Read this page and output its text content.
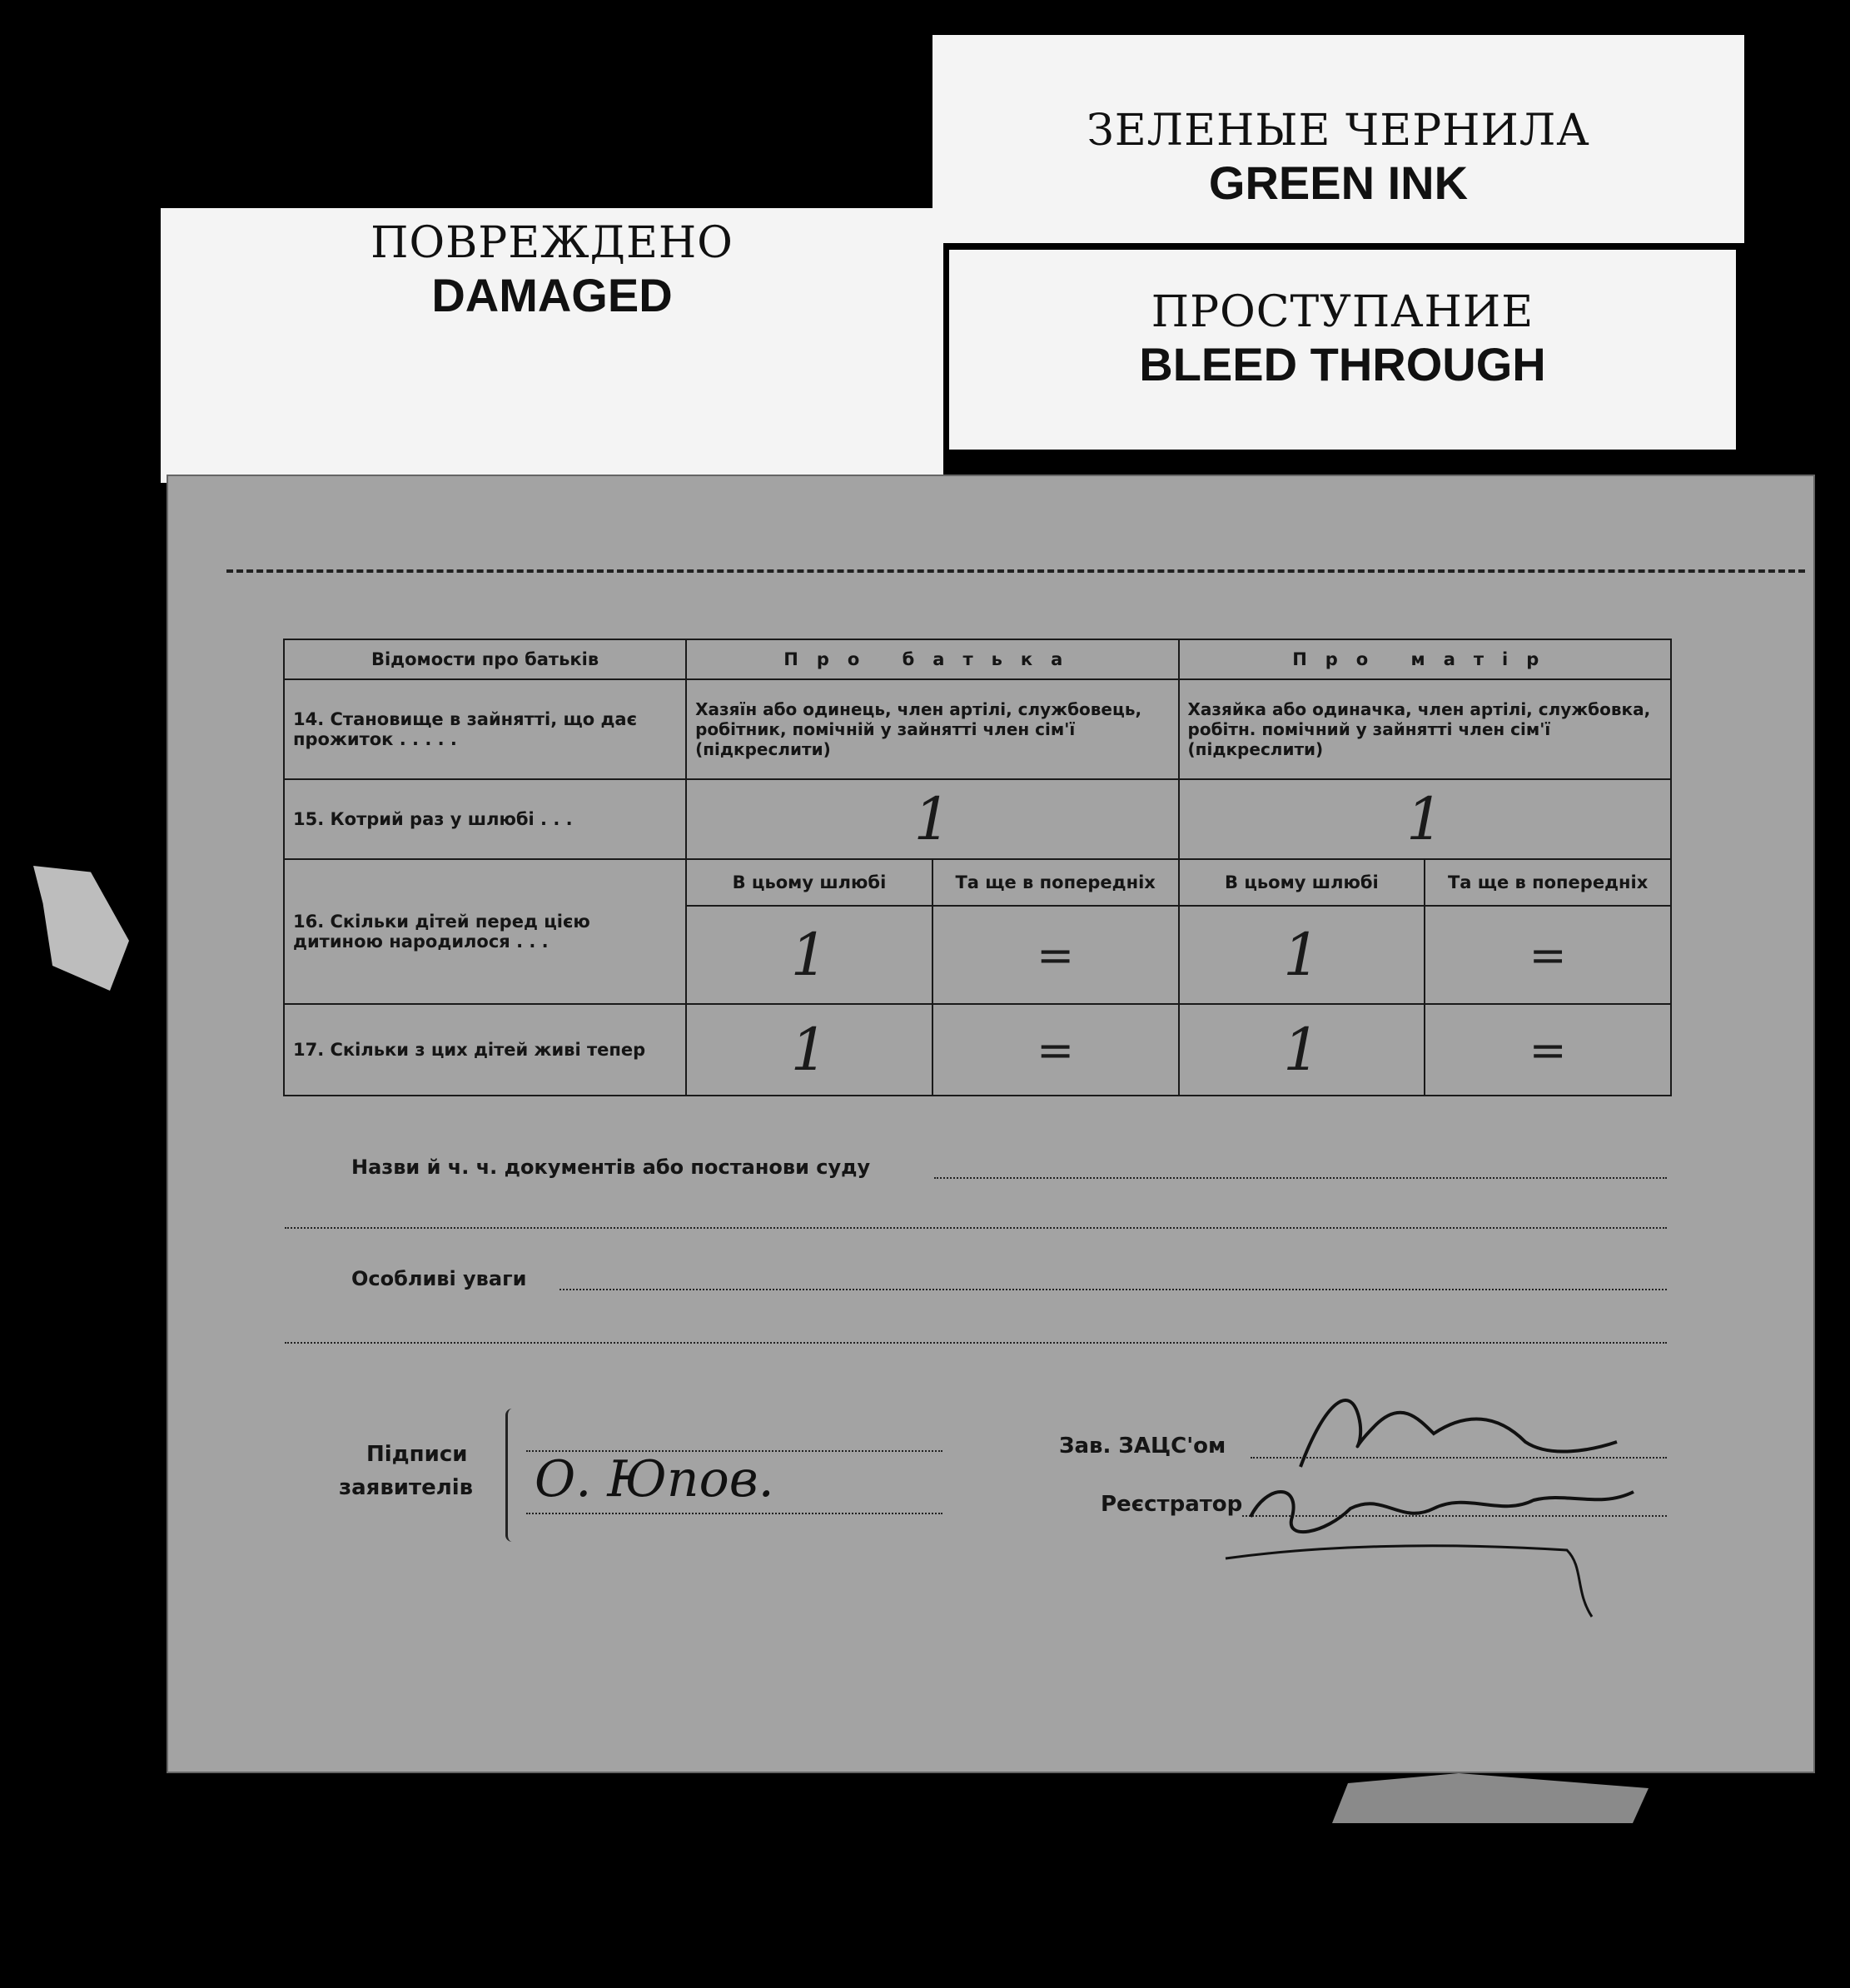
ПОВРЕЖДЕНО
DAMAGED
ЗЕЛЕНЫЕ ЧЕРНИЛА
GREEN INK
ПРОСТУПАНИЕ
BLEED THROUGH
Відомости про батьків	Про батька		Про матір	
14. Становище в зайнятті, що дає прожиток . . . . .	Хазяїн або одинець, член артілі, службовець, робітник, помічній у зайнятті член сім'ї (підкреслити)		Хазяйка або одиначка, член артілі, службовка, робітн. помічний у зайнятті член сім'ї (підкреслити)	
15. Котрий раз у шлюбі . . .	1		1	
16. Скільки дітей перед цією дитиною народилося . . .	В цьому шлюбі	Та ще в попередніх	В цьому шлюбі	Та ще в попередніх
	1	=	1	=
17. Скільки з цих дітей живі тепер	1	=	1	=
Назви й ч. ч. документів або постанови суду
Особливі уваги
Підписи
заявителів О. Юпов.
Зав. ЗАЦС'ом
Реєстратор
